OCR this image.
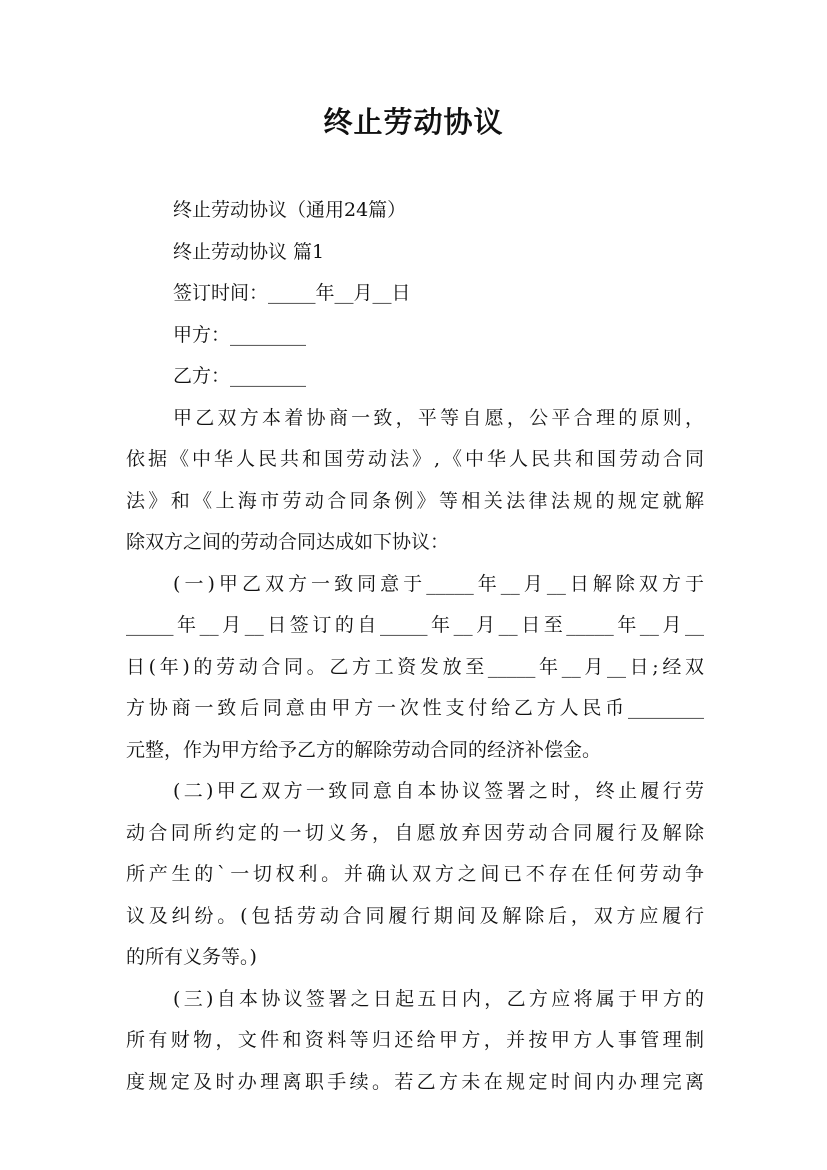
终止劳动协议
终止劳动协议（通用24篇）
终止劳动协议 篇1
签订时间：_____年__月__日
甲方：________
乙方：________
甲乙双方本着协商一致，平等自愿，公平合理的原则，
依据《中华人民共和国劳动法》,《中华人民共和国劳动合同
法》和《上海市劳动合同条例》等相关法律法规的规定就解
除双方之间的劳动合同达成如下协议：
(一)甲乙双方一致同意于_____年__月__日解除双方于
_____年__月__日签订的自_____年__月__日至_____年__月__
日(年)的劳动合同。乙方工资发放至_____年__月__日;经双
方协商一致后同意由甲方一次性支付给乙方人民币________
元整，作为甲方给予乙方的解除劳动合同的经济补偿金。
(二)甲乙双方一致同意自本协议签署之时，终止履行劳
动合同所约定的一切义务，自愿放弃因劳动合同履行及解除
所产生的`一切权利。并确认双方之间已不存在任何劳动争
议及纠纷。(包括劳动合同履行期间及解除后，双方应履行
的所有义务等。)
(三)自本协议签署之日起五日内，乙方应将属于甲方的
所有财物，文件和资料等归还给甲方，并按甲方人事管理制
度规定及时办理离职手续。若乙方未在规定时间内办理完离
